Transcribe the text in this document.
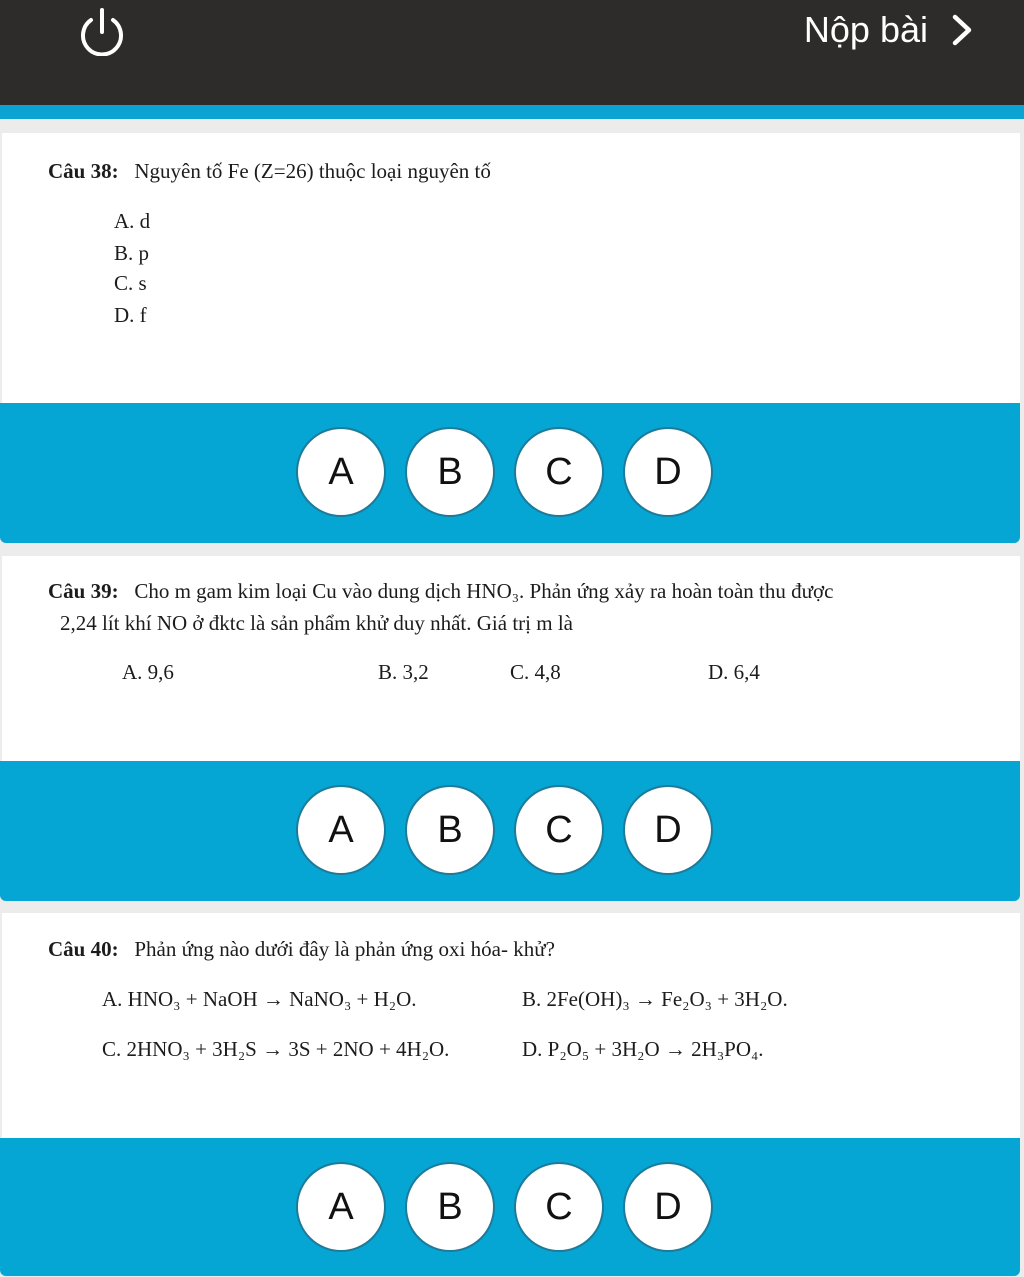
Nộp bài
Câu 38: Nguyên tố Fe (Z=26) thuộc loại nguyên tố
A. d
B. p
C. s
D. f
A	B	C	D
Câu 39: Cho m gam kim loại Cu vào dung dịch HNO₃. Phản ứng xảy ra hoàn toàn thu được
2,24 lít khí NO ở đktc là sản phẩm khử duy nhất. Giá trị m là
A. 9,6	B. 3,2	C. 4,8	D. 6,4
A	B	C	D
Câu 40: Phản ứng nào dưới đây là phản ứng oxi hóa- khử?
A. HNO₃ + NaOH → NaNO₃ + H₂O.	B. 2Fe(OH)₃ → Fe₂O₃ + 3H₂O.
C. 2HNO₃ + 3H₂S → 3S + 2NO + 4H₂O.	D. P₂O₅ + 3H₂O → 2H₃PO₄.
A	B	C	D
